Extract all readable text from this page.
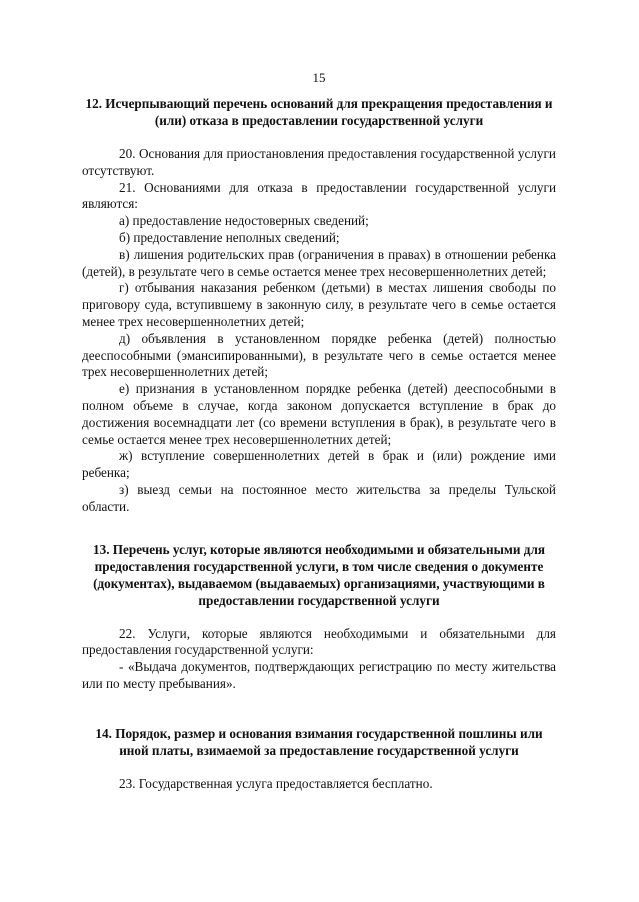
15
12. Исчерпывающий перечень оснований для прекращения предоставления и (или) отказа в предоставлении государственной услуги

20. Основания для приостановления предоставления государственной услуги отсутствуют.

21. Основаниями для отказа в предоставлении государственной услуги являются:

а) предоставление недостоверных сведений;

б) предоставление неполных сведений;

в) лишения родительских прав (ограничения в правах) в отношении ребенка (детей), в результате чего в семье остается менее трех несовершеннолетних детей;

г) отбывания наказания ребенком (детьми) в местах лишения свободы по приговору суда, вступившему в законную силу, в результате чего в семье остается менее трех несовершеннолетних детей;

д) объявления в установленном порядке ребенка (детей) полностью дееспособными (эмансипированными), в результате чего в семье остается менее трех несовершеннолетних детей;

е) признания в установленном порядке ребенка (детей) дееспособными в полном объеме в случае, когда законом допускается вступление в брак до достижения восемнадцати лет (со времени вступления в брак), в результате чего в семье остается менее трех несовершеннолетних детей;

ж) вступление совершеннолетних детей в брак и (или) рождение ими ребенка;

з) выезд семьи на постоянное место жительства за пределы Тульской области.

13. Перечень услуг, которые являются необходимыми и обязательными для предоставления государственной услуги, в том числе сведения о документе (документах), выдаваемом (выдаваемых) организациями, участвующими в предоставлении государственной услуги

22. Услуги, которые являются необходимыми и обязательными для предоставления государственной услуги:

- «Выдача документов, подтверждающих регистрацию по месту жительства или по месту пребывания».

14. Порядок, размер и основания взимания государственной пошлины или иной платы, взимаемой за предоставление государственной услуги

23. Государственная услуга предоставляется бесплатно.
